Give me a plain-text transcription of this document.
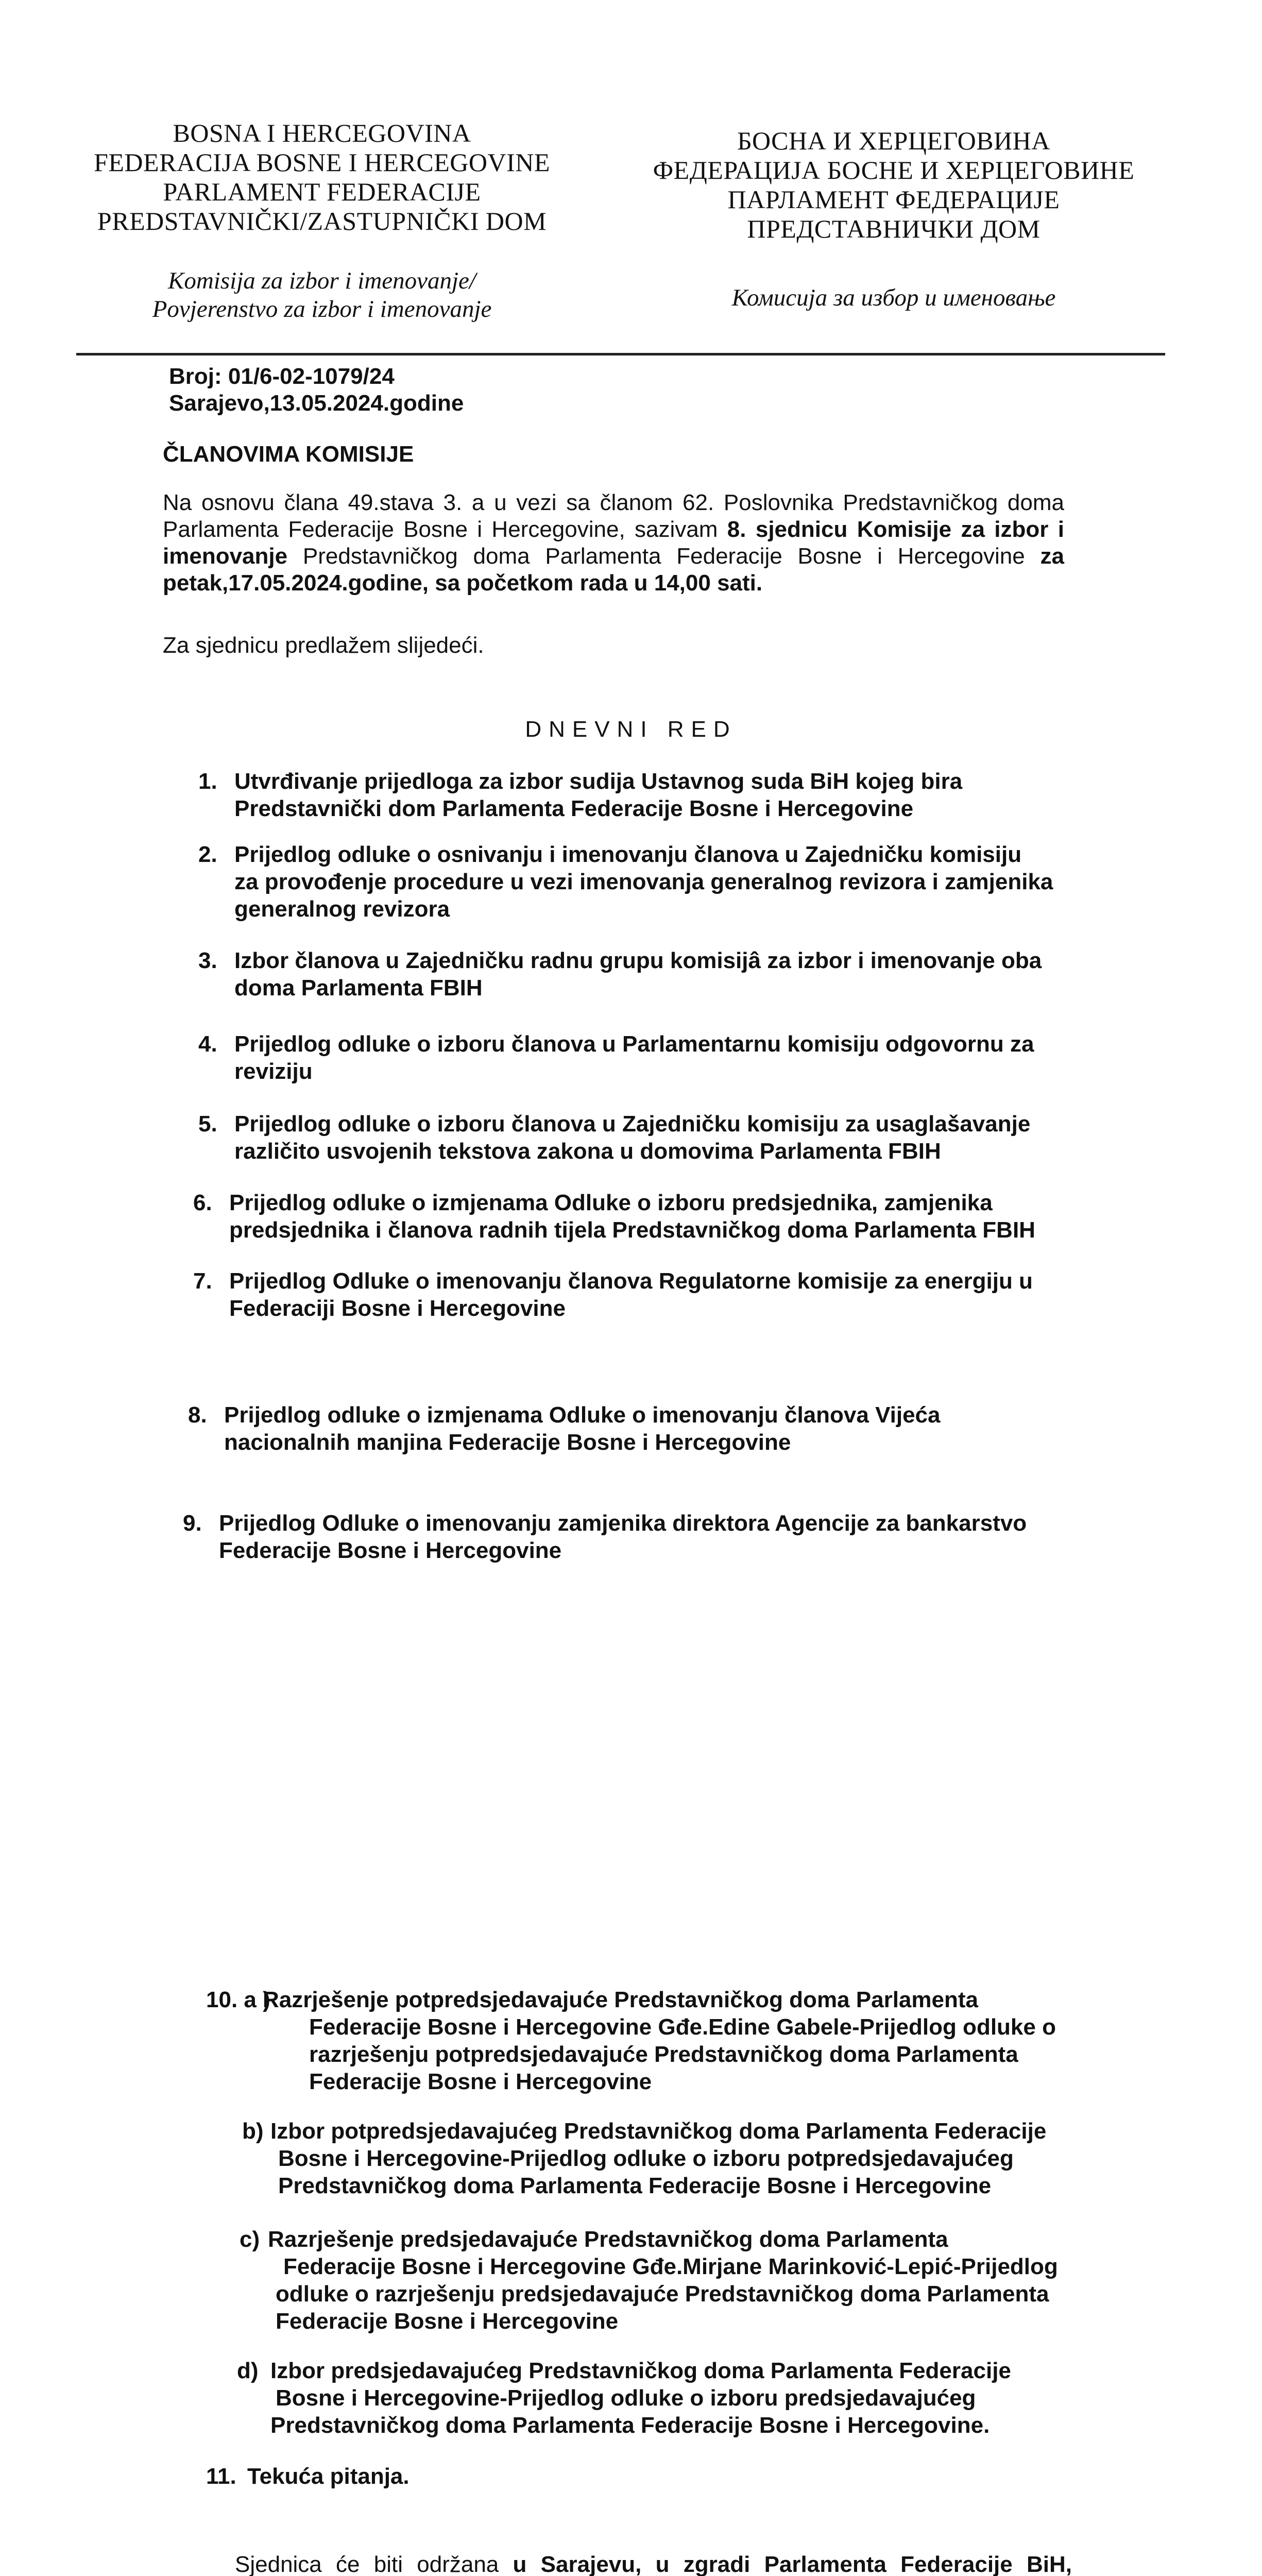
BOSNA I HERCEGOVINA
FEDERACIJA BOSNE I HERCEGOVINE
PARLAMENT FEDERACIJE
PREDSTAVNIČKI/ZASTUPNIČKI DOM
Komisija za izbor i imenovanje/
Povjerenstvo za izbor i imenovanje
БОСНА И ХЕРЦЕГОВИНА
ФЕДЕРАЦИЈА БОСНЕ И ХЕРЦЕГОВИНЕ
ПАРЛАМЕНТ ФЕДЕРАЦИЈЕ
ПРЕДСТАВНИЧКИ ДОМ
Комисија за избор и именовање
Broj: 01/6-02-1079/24
Sarajevo,13.05.2024.godine
ČLANOVIMA KOMISIJE
Na osnovu člana 49.stava 3. a u vezi sa članom 62. Poslovnika Predstavničkog doma Parlamenta Federacije Bosne i Hercegovine, sazivam 8. sjednicu Komisije za izbor i imenovanje Predstavničkog doma Parlamenta Federacije Bosne i Hercegovine za petak,17.05.2024.godine, sa početkom rada u 14,00 sati.
Za sjednicu predlažem slijedeći.
DNEVNI RED
1. Utvrđivanje prijedloga za izbor sudija Ustavnog suda BiH kojeg bira
Predstavnički dom Parlamenta Federacije Bosne i Hercegovine
2. Prijedlog odluke o osnivanju i imenovanju članova u Zajedničku komisiju
za provođenje procedure u vezi imenovanja generalnog revizora i zamjenika
generalnog revizora
3. Izbor članova u Zajedničku radnu grupu komisijâ za izbor i imenovanje oba
doma Parlamenta FBIH
4. Prijedlog odluke o izboru članova u Parlamentarnu komisiju odgovornu za
reviziju
5. Prijedlog odluke o izboru članova u Zajedničku komisiju za usaglašavanje
različito usvojenih tekstova zakona u domovima Parlamenta FBIH
6. Prijedlog odluke o izmjenama Odluke o izboru predsjednika, zamjenika
predsjednika i članova radnih tijela Predstavničkog doma Parlamenta FBIH
7. Prijedlog Odluke o imenovanju članova Regulatorne komisije za energiju u
Federaciji Bosne i Hercegovine
8. Prijedlog odluke o izmjenama Odluke o imenovanju članova Vijeća
nacionalnih manjina Federacije Bosne i Hercegovine
9. Prijedlog Odluke o imenovanju zamjenika direktora Agencije za bankarstvo
Federacije Bosne i Hercegovine
10. a )
Razrješenje potpredsjedavajuće Predstavničkog doma Parlamenta
Federacije Bosne i Hercegovine Gđe.Edine Gabele-Prijedlog odluke o
razrješenju potpredsjedavajuće Predstavničkog doma Parlamenta
Federacije Bosne i Hercegovine
b) Izbor potpredsjedavajućeg Predstavničkog doma Parlamenta Federacije
Bosne i Hercegovine-Prijedlog odluke o izboru potpredsjedavajućeg
Predstavničkog doma Parlamenta Federacije Bosne i Hercegovine
c) Razrješenje predsjedavajuće Predstavničkog doma Parlamenta
Federacije Bosne i Hercegovine Gđe.Mirjane Marinković-Lepić-Prijedlog
odluke o razrješenju predsjedavajuće Predstavničkog doma Parlamenta
Federacije Bosne i Hercegovine
d) Izbor predsjedavajućeg Predstavničkog doma Parlamenta Federacije
Bosne i Hercegovine-Prijedlog odluke o izboru predsjedavajućeg
Predstavničkog doma Parlamenta Federacije Bosne i Hercegovine.
11. Tekuća pitanja.
Sjednica će biti održana u Sarajevu, u zgradi Parlamenta Federacije BiH,
